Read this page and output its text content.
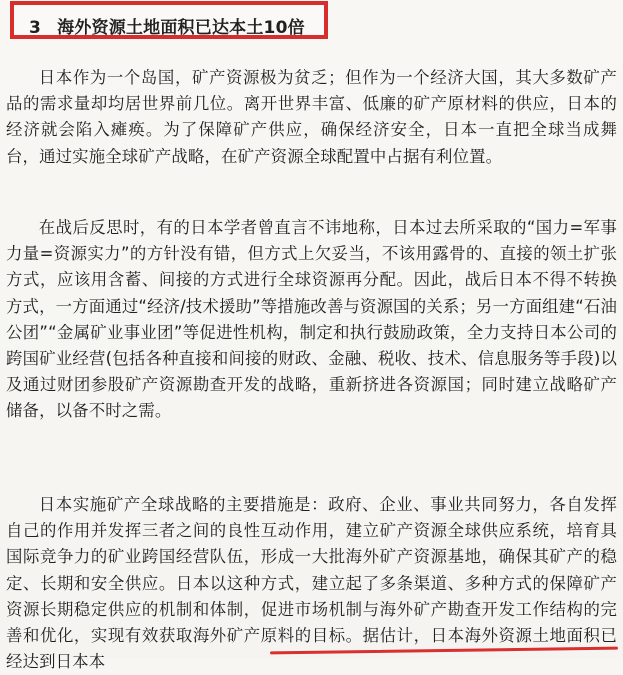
3 海外资源土地面积已达本土10倍
日本作为一个岛国，矿产资源极为贫乏；但作为一个经济大国，其大多数矿产品的需求量却均居世界前几位。离开世界丰富、低廉的矿产原材料的供应，日本的经济就会陷入瘫痪。为了保障矿产供应，确保经济安全，日本一直把全球当成舞台，通过实施全球矿产战略，在矿产资源全球配置中占据有利位置。
在战后反思时，有的日本学者曾直言不讳地称，日本过去所采取的“国力=军事力量=资源实力”的方针没有错，但方式上欠妥当，不该用露骨的、直接的领土扩张方式，应该用含蓄、间接的方式进行全球资源再分配。因此，战后日本不得不转换方式，一方面通过“经济/技术援助”等措施改善与资源国的关系；另一方面组建“石油公团”“金属矿业事业团”等促进性机构，制定和执行鼓励政策，全力支持日本公司的跨国矿业经营(包括各种直接和间接的财政、金融、税收、技术、信息服务等手段)以及通过财团参股矿产资源勘查开发的战略，重新挤进各资源国；同时建立战略矿产储备，以备不时之需。
日本实施矿产全球战略的主要措施是：政府、企业、事业共同努力，各自发挥自己的作用并发挥三者之间的良性互动作用，建立矿产资源全球供应系统，培育具国际竞争力的矿业跨国经营队伍，形成一大批海外矿产资源基地，确保其矿产的稳定、长期和安全供应。日本以这种方式，建立起了多条渠道、多种方式的保障矿产资源长期稳定供应的机制和体制，促进市场机制与海外矿产勘查开发工作结构的完善和优化，实现有效获取海外矿产原料的目标。据估计，日本海外资源土地面积已经达到日本本
